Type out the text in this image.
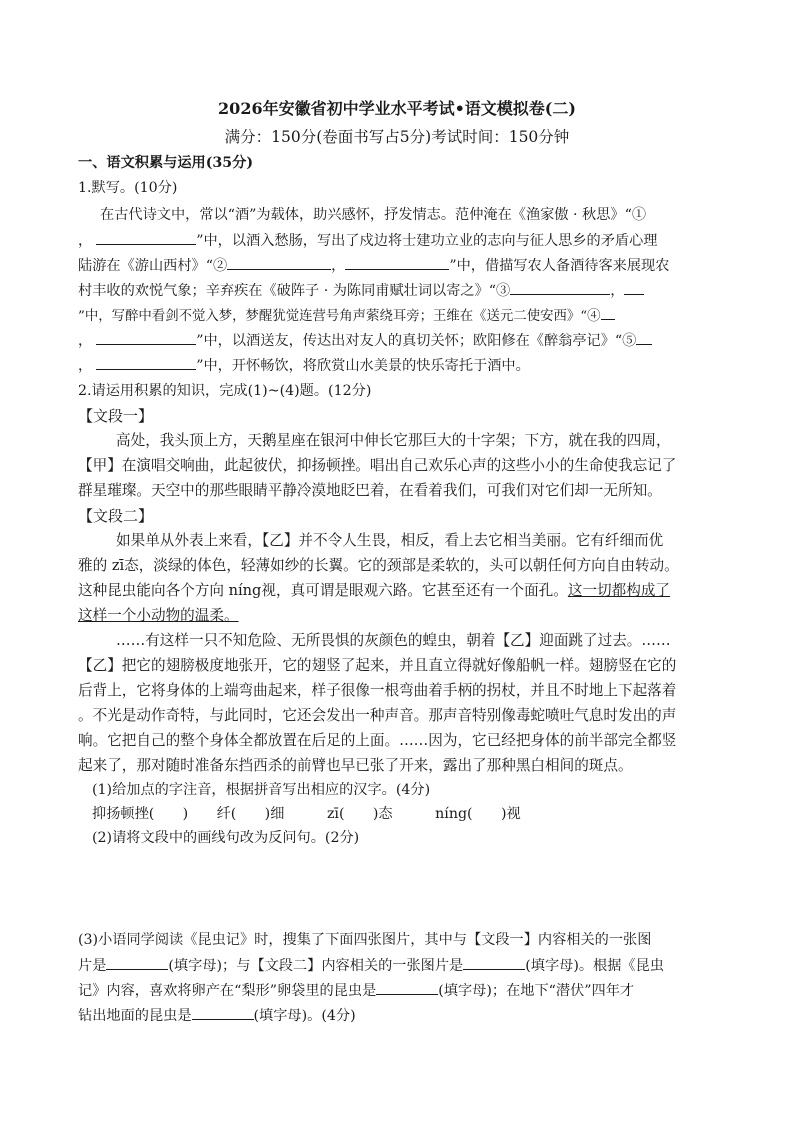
2026年安徽省初中学业水平考试•语文模拟卷(二)
满分：150分(卷面书写占5分)考试时间：150分钟
一、语文积累与运用(35分)
1.默写。(10分)
在古代诗文中，常以“酒”为载体，助兴感怀，抒发情志。范仲淹在《渔家傲 · 秋思》“①
，	”中，以酒入愁肠，写出了戍边将士建功立业的志向与征人思乡的矛盾心理
陆游在《游山西村》“②	，	”中，借描写农人备酒待客来展现农
村丰收的欢悦气象；辛弃疾在《破阵子 · 为陈同甫赋壮词以寄之》“③	，
”中，写醉中看剑不觉入梦，梦醒犹觉连营号角声萦绕耳旁；王维在《送元二使安西》“④
，	”中，以酒送友，传达出对友人的真切关怀；欧阳修在《醉翁亭记》“⑤
，	”中，开怀畅饮，将欣赏山水美景的快乐寄托于酒中。
2.请运用积累的知识，完成(1)~(4)题。(12分)
【文段一】
高处，我头顶上方，天鹅星座在银河中伸长它那巨大的十字架；下方，就在我的四周，
【甲】在演唱交响曲，此起彼伏，抑扬顿挫。唱出自己欢乐心声的这些小小的生命使我忘记了
群星璀璨。天空中的那些眼睛平静冷漠地眨巴着，在看着我们，可我们对它们却一无所知。
【文段二】
如果单从外表上来看，【乙】并不令人生畏，相反，看上去它相当美丽。它有纤细而优
雅的 zī态，淡绿的体色，轻薄如纱的长翼。它的颈部是柔软的，头可以朝任何方向自由转动。
这种昆虫能向各个方向 níng视，真可谓是眼观六路。它甚至还有一个面孔。这一切都构成了
这样一个小动物的温柔。
……有这样一只不知危险、无所畏惧的灰颜色的蝗虫，朝着【乙】迎面跳了过去。……
【乙】把它的翅膀极度地张开，它的翅竖了起来，并且直立得就好像船帆一样。翅膀竖在它的
后背上，它将身体的上端弯曲起来，样子很像一根弯曲着手柄的拐杖，并且不时地上下起落着
。不光是动作奇特，与此同时，它还会发出一种声音。那声音特别像毒蛇喷吐气息时发出的声
响。它把自己的整个身体全都放置在后足的上面。……因为，它已经把身体的前半部完全都竖
起来了，那对随时准备东挡西杀的前臂也早已张了开来，露出了那种黑白相间的斑点。
(1)给加点的字注音，根据拼音写出相应的汉字。(4分)
抑扬顿挫(　　)　　纤(　　)细　　　zī(　　)态　　　níng(　　)视
(2)请将文段中的画线句改为反问句。(2分)
(3)小语同学阅读《昆虫记》时，搜集了下面四张图片，其中与【文段一】内容相关的一张图
片是	(填字母)；与【文段二】内容相关的一张图片是	(填字母)。根据《昆虫
记》内容，喜欢将卵产在“梨形”卵袋里的昆虫是	(填字母)；在地下“潜伏”四年才
钻出地面的昆虫是	(填字母)。(4分)
